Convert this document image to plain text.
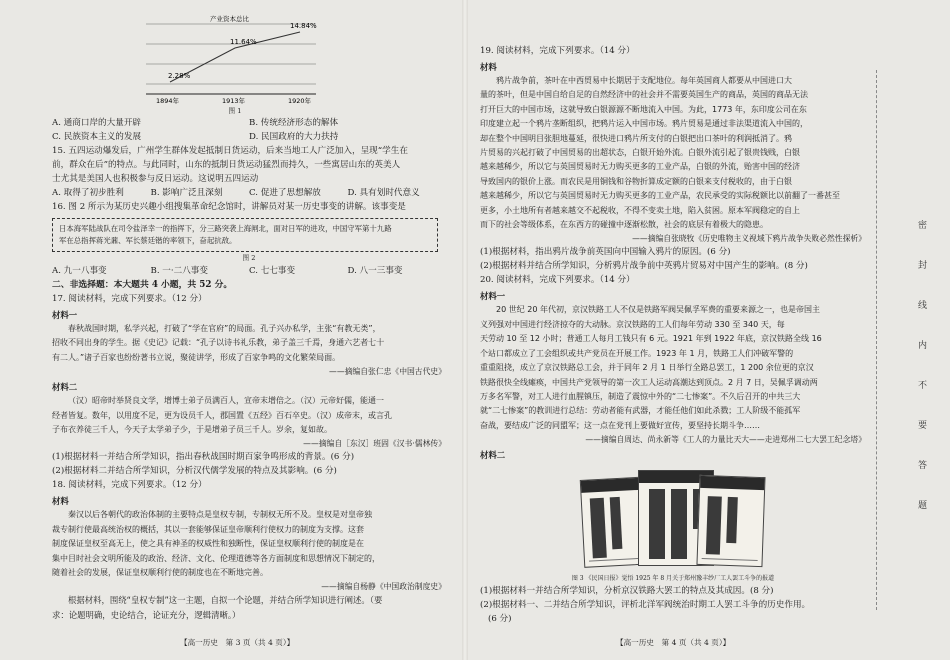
2.28%
11.64%
14.84%
产业资本总比
1894年	1913年	1920年
图 1
A. 通商口岸的大量开辟	B. 传统经济形态的解体
C. 民族资本主义的发展	D. 民国政府的大力扶持
15. 五四运动爆发后，广州学生群体发起抵制日货运动，后来当地工人广泛加入，呈现“学生在
前，群众在后”的特点。与此同时，山东的抵制日货运动猛烈而持久，一些寓居山东的英美人
士尤其是美国人也积极参与反日运动。这说明五四运动
A. 取得了初步胜利	B. 影响广泛且深刻	C. 促进了思想解放	D. 具有划时代意义
16. 图 2 所示为某历史兴趣小组搜集革命纪念馆时，讲解员对某一历史事变的讲解。该事变是
日本海军陆战队在司令盐泽幸一的指挥下，分三路突袭上海闸北，面对日军的进攻，中国守军第十九路
军在总指挥蒋光鼐、军长蔡廷锴的率领下，奋起抗敌。
图 2
A. 九一八事变	B. 一·二八事变	C. 七七事变	D. 八一三事变
二、非选择题：本大题共 4 小题，共 52 分。
17. 阅读材料，完成下列要求。（12 分）
材料一

春秋战国时期，私学兴起，打破了“学在官府”的局面。孔子兴办私学，主张“有教无类”，

招收不同出身的学生。据《史记》记载：“孔子以诗书礼乐教，弟子盖三千焉，身通六艺者七十

有二人。”诸子百家也纷纷著书立说，聚徒讲学，形成了百家争鸣的文化繁荣局面。

——摘编自张仁忠《中国古代史》
材料二

（汉）昭帝时举贤良文学，增博士弟子员满百人，宣帝末增倍之。（汉）元帝好儒，能通一

经者皆复。数年，以用度不足，更为设员千人，郡国置《五经》百石卒史。（汉）成帝末，或言孔

子布衣养徒三千人，今天子太学弟子少，于是增弟子员三千人。岁余，复如故。

——摘编自［东汉］班固《汉书·儒林传》
(1)根据材料一并结合所学知识，指出春秋战国时期百家争鸣形成的背景。(6 分)
(2)根据材料二并结合所学知识，分析汉代儒学发展的特点及其影响。(6 分)
18. 阅读材料，完成下列要求。（12 分）
材料

秦汉以后各朝代的政治体制的主要特点是皇权专制，专制权无所不及。皇权是对皇帝独

裁专制行使最高统治权的概括，其以一套能够保证皇帝顺利行使权力的制度为支撑。这套

制度保证皇权至高无上，使之具有神圣的权威性和独断性，保证皇权顺利行使的制度是在

集中目时社会文明所能及的政治、经济、文化、伦理道德等各方面制度和思想情况下制定的，

随着社会的发展，保证皇权顺利行使的制度也在不断地完善。

——摘编自杨静《中国政治制度史》

根据材料，围绕“皇权专制”这一主题，自拟一个论题，并结合所学知识进行阐述。（要

求：论题明确，史论结合，论证充分，逻辑清晰。）

【高一历史　第 3 页（共 4 页）】
19. 阅读材料，完成下列要求。（14 分）
材料

鸦片战争前，茶叶在中西贸易中长期居于支配地位。每年英国商人都要从中国进口大

量的茶叶，但是中国自给自足的自然经济中的社会并不需要英国生产的商品，英国的商品无法

打开巨大的中国市场，这就导致白银源源不断地流入中国。为此，1773 年，东印度公司在东

印度建立起一个鸦片垄断组织，把鸦片运入中国市场。鸦片贸易是通过非法渠道流入中国的，

却在整个中国明目张胆地蔓延，很快进口鸦片所支付的白银把出口茶叶的利润抵消了。鸦

片贸易的兴起打破了中国贸易的出超状态，白银开始外流。白银外流引起了银贵钱贱，白银

越来越稀少，所以它与英国贸易时无力购买更多的工业产品，白银的外流，贻害中国的经济

导致国内的银价上涨。而农民是用铜钱和谷物折算成定额的白银来支付税收的，由于白银

越来越稀少，所以它与英国贸易时无力购买更多的工业产品，农民承受的实际税额比以前翻了一番甚至

更多，小土地所有者越来越交不起税收，不得不变卖土地，陷入贫困。原本军阀稳定的自上

而下的社会等级体系，在东西方的碰撞中逐渐松散，社会的底层有着极大的隐患。

——摘编自张晓牧《历史唯物主义视域下鸦片战争失败必然性探析》
(1)根据材料，指出鸦片战争前英国向中国输入鸦片的原因。(6 分)
(2)根据材料并结合所学知识，分析鸦片战争前中英鸦片贸易对中国产生的影响。(8 分)
20. 阅读材料，完成下列要求。（14 分）
材料一

20 世纪 20 年代初，京汉铁路工人不仅是铁路军阀吴佩孚军费的重要来源之一，也是帝国主

义列强对中国进行经济掠夺的大动脉。京汉铁路的工人们每年劳动 330 至 340 天，每

天劳动 10 至 12 小时；普通工人每月工钱只有 6 元。1921 年到 1922 年底，京汉铁路全线 16

个站口都成立了工会组织或共产党员在开展工作。1923 年 1 月，铁路工人们冲破军警的

重重阻挠，成立了京汉铁路总工会，并于同年 2 月 1 日举行全路总罢工，1 200 余位更的京汉

铁路很快全线瘫痪，中国共产党领导的第一次工人运动高潮达到顶点。2 月 7 日，吴佩孚调动两

万多名军警，对工人进行血腥镇压，制造了震惊中外的“二七惨案”。不久后召开的中共三大

就“二七惨案”的教训进行总结：劳动者能有武器，才能任他们如此杀戮；工人阶级不能孤军

奋战，要结成广泛的同盟军；这一点在党刊上要做好宣传，要坚持长期斗争……

——摘编自周达、尚永新等《工人的力量比天大——走进郑州二七大罢工纪念塔》
材料二
图 3 《民国日报》觉悟 1925 年 8 月关于郑州豫丰纱厂工人罢工斗争的报道
(1)根据材料一并结合所学知识，分析京汉铁路大罢工的特点及其成因。(8 分)
(2)根据材料一、二并结合所学知识，评析北洋军阀统治时期工人罢工斗争的历史作用。
(6 分)
【高一历史　第 4 页（共 4 页）】
密
封
线
内
不
要
答
题
